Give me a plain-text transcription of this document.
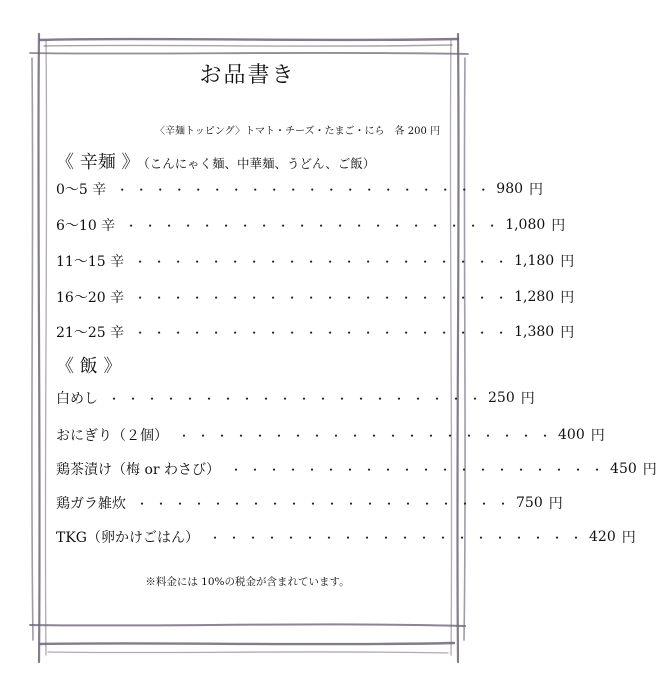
お品書き
〈辛麺トッピング〉トマト・チーズ・たまご・にら　各 200 円
《 辛麺 》 （こんにゃく麺、中華麺、うどん、ご飯）
0〜5 辛 ・・・・・・・・・・・・・・・・・・・・ 980 円
6〜10 辛 ・・・・・・・・・・・・・・・・・・・・ 1,080 円
11〜15 辛 ・・・・・・・・・・・・・・・・・・・・ 1,180 円
16〜20 辛 ・・・・・・・・・・・・・・・・・・・・ 1,280 円
21〜25 辛 ・・・・・・・・・・・・・・・・・・・・ 1,380 円
《 飯 》
白めし ・・・・・・・・・・・・・・・・・・・・ 250 円
おにぎり（２個） ・・・・・・・・・・・・・・・・・・・・ 400 円
鶏茶漬け（梅 or わさび） ・・・・・・・・・・・・・・・・・・・・ 450 円
鶏ガラ雑炊 ・・・・・・・・・・・・・・・・・・・・ 750 円
TKG（卵かけごはん） ・・・・・・・・・・・・・・・・・・・・ 420 円
※料金には 10%の税金が含まれています。
